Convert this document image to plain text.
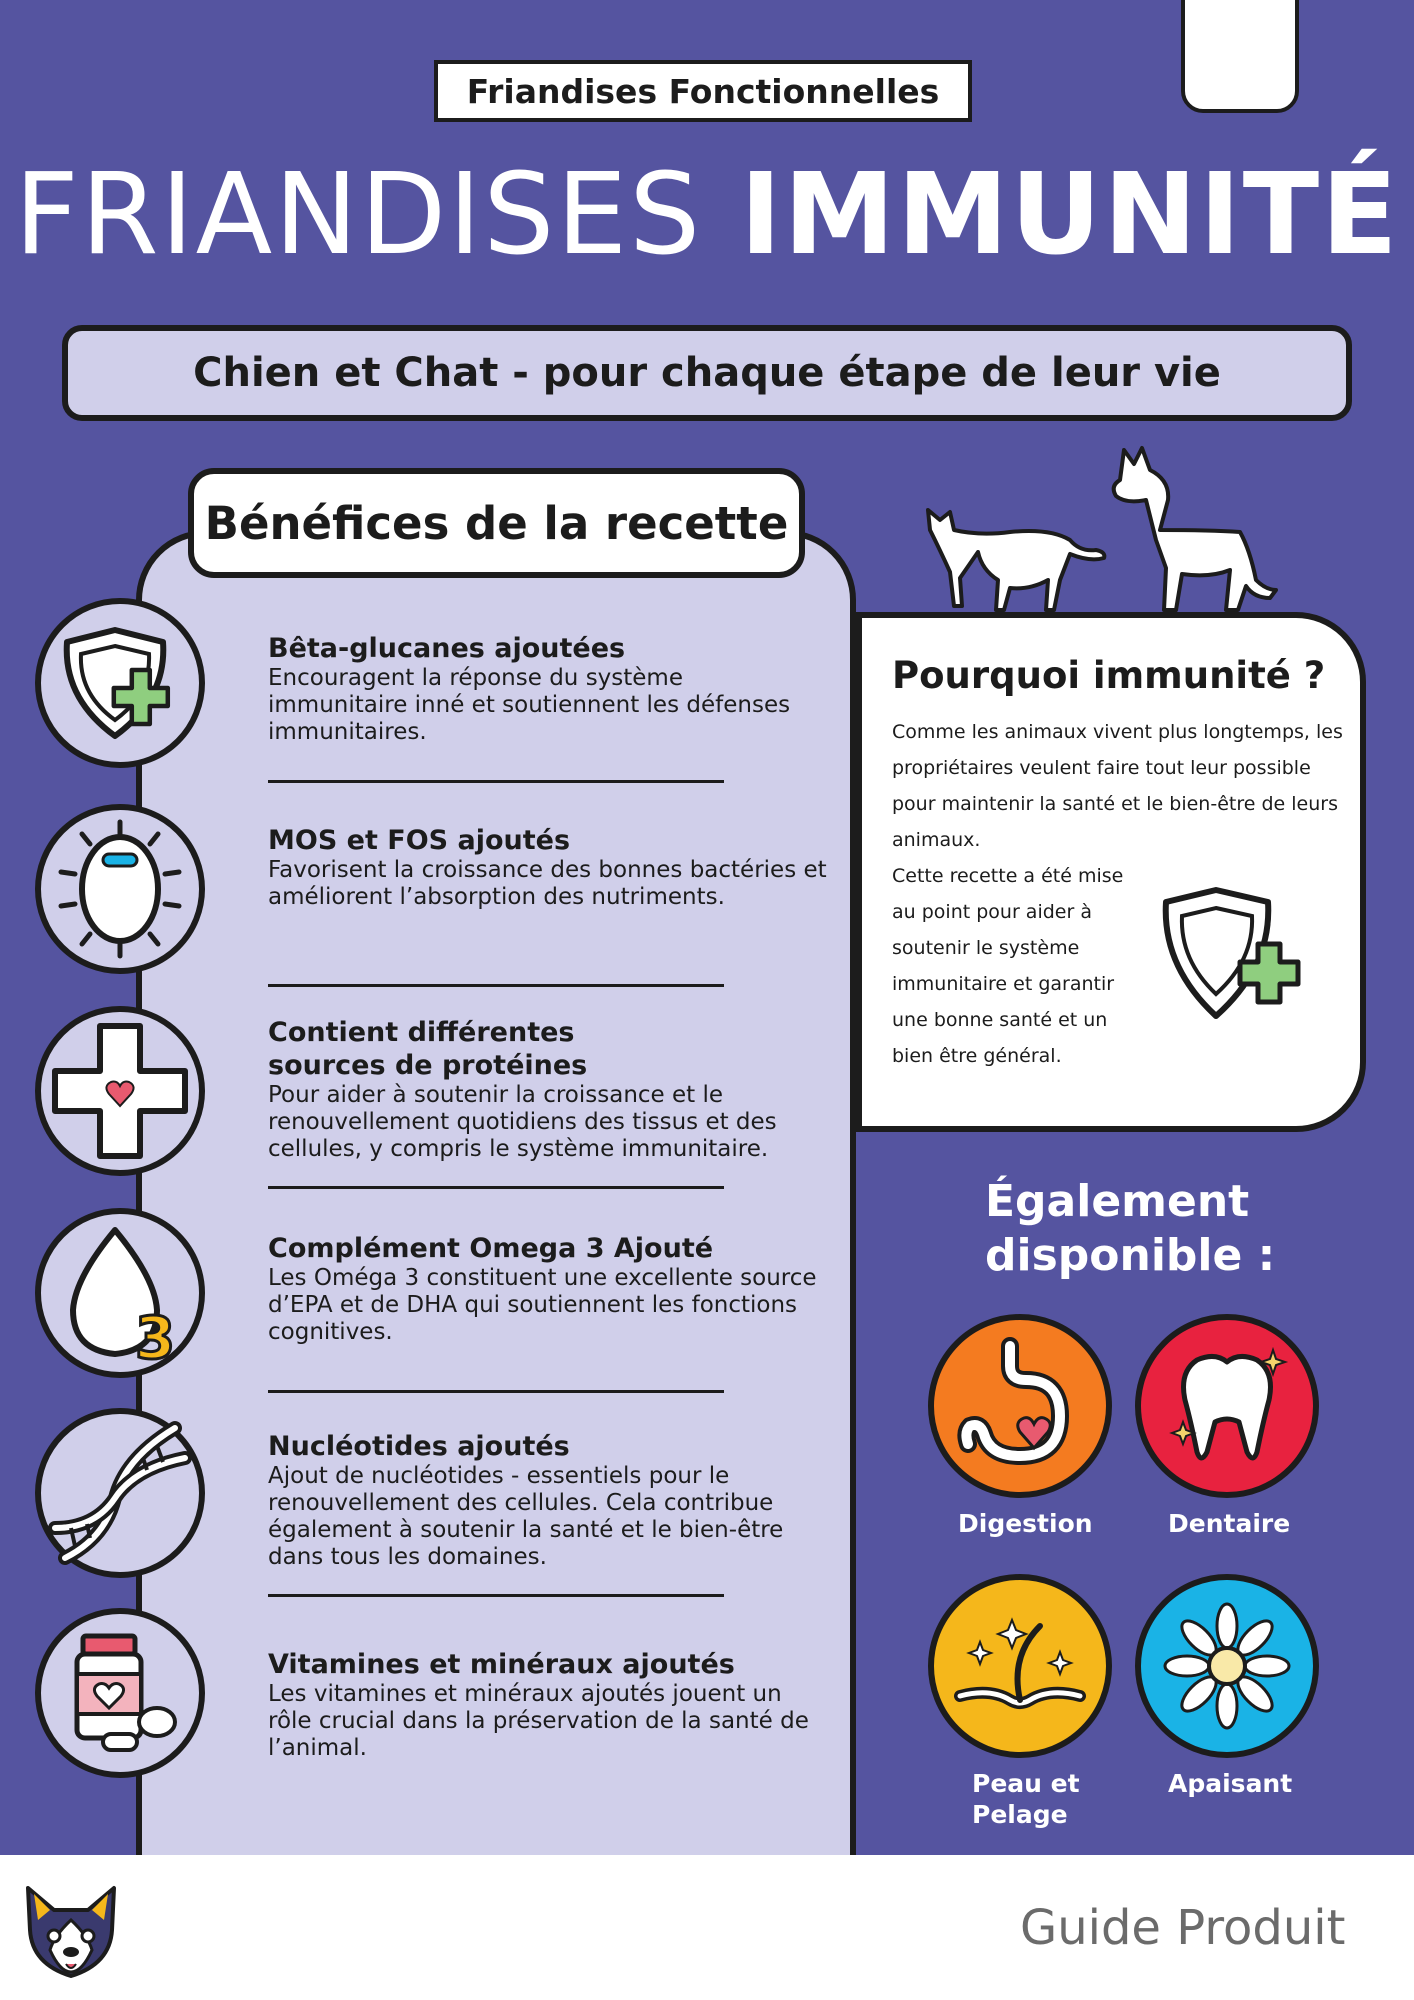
Friandises Fonctionnelles
FRIANDISES IMMUNITÉ
Chien et Chat - pour chaque étape de leur vie
Bénéfices de la recette
3
Bêta-glucanes ajoutées

Encouragent la réponse du système immunitaire inné et soutiennent les défenses immunitaires.

MOS et FOS ajoutés

Favorisent la croissance des bonnes bactéries et améliorent l’absorption des nutriments.

Contient différentes sources de protéines

Pour aider à soutenir la croissance et le renouvellement quotidiens des tissus et des cellules, y compris le système immunitaire.

Complément Omega 3 Ajouté

Les Oméga 3 constituent une excellente source d’EPA et de DHA qui soutiennent les fonctions cognitives.

Nucléotides ajoutés

Ajout de nucléotides - essentiels pour le renouvellement des cellules. Cela contribue également à soutenir la santé et le bien-être dans tous les domaines.

Vitamines et minéraux ajoutés

Les vitamines et minéraux ajoutés jouent un rôle crucial dans la préservation de la santé de l’animal.

Pourquoi immunité ?
Comme les animaux vivent plus longtemps, les propriétaires veulent faire tout leur possible pour maintenir la santé et le bien-être de leurs animaux.
Cette recette a été mise au point pour aider à soutenir le système immunitaire et garantir une bonne santé et un bien être général.
Également
disponible :
Digestion	Dentaire
Peau et Pelage
Apaisant
Guide Produit
